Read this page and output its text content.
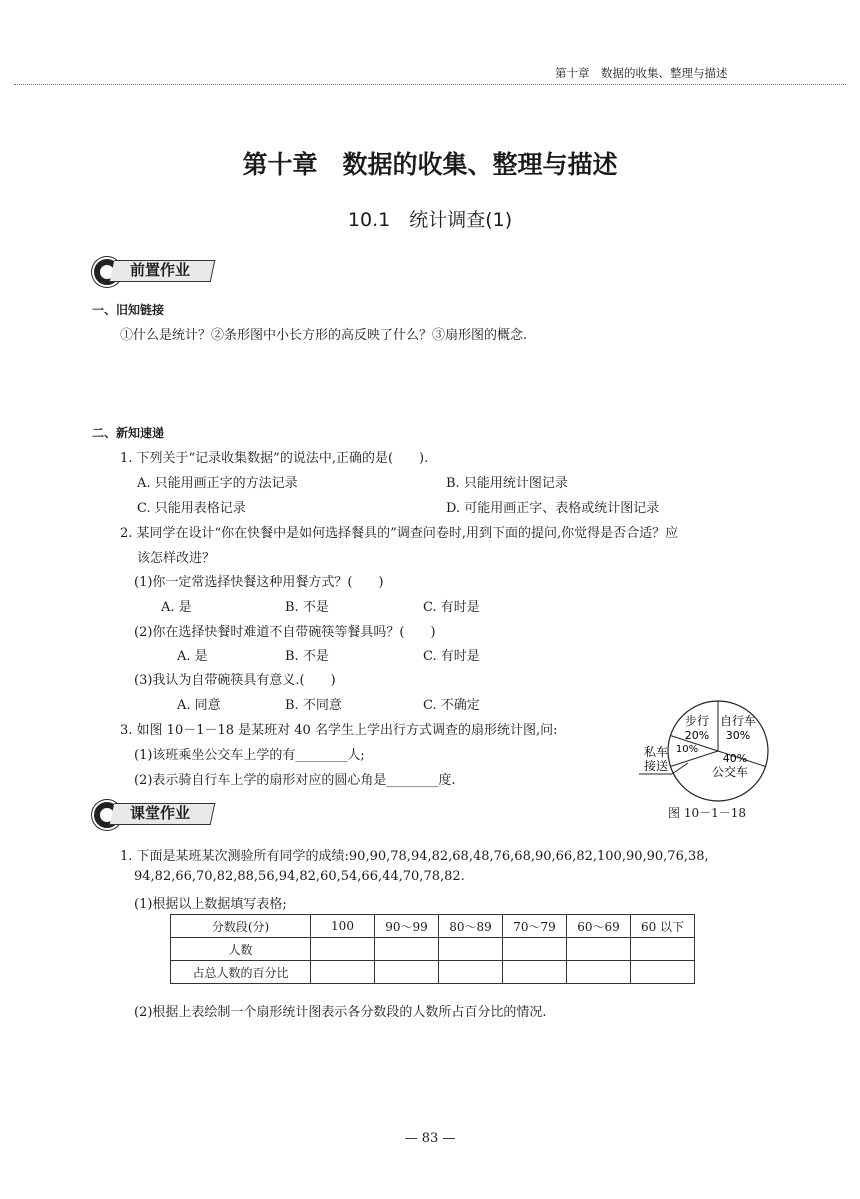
第十章　数据的收集、整理与描述
第十章　数据的收集、整理与描述
10.1　统计调查(1)
前置作业
一、旧知链接
①什么是统计？②条形图中小长方形的高反映了什么？③扇形图的概念.
二、新知速递
1. 下列关于“记录收集数据”的说法中,正确的是(　　).
A. 只能用画正字的方法记录	B. 只能用统计图记录
C. 只能用表格记录	D. 可能用画正字、表格或统计图记录
2. 某同学在设计“你在快餐中是如何选择餐具的”调查问卷时,用到下面的提问,你觉得是否合适？应
该怎样改进？
(1)你一定常选择快餐这种用餐方式？(　　)
A. 是	B. 不是	C. 有时是
(2)你在选择快餐时难道不自带碗筷等餐具吗？(　　)
A. 是	B. 不是	C. 有时是
(3)我认为自带碗筷具有意义.(　　)
A. 同意	B. 不同意	C. 不确定
3. 如图 10－1－18 是某班对 40 名学生上学出行方式调查的扇形统计图,问:
(1)该班乘坐公交车上学的有________人;
(2)表示骑自行车上学的扇形对应的圆心角是________度.
步行
20%
自行车
30%
40%
公交车
10%
私车
接送
图 10－1－18
课堂作业
1. 下面是某班某次测验所有同学的成绩:90,90,78,94,82,68,48,76,68,90,66,82,100,90,90,76,38,
94,82,66,70,82,88,56,94,82,60,54,66,44,70,78,82.
(1)根据以上数据填写表格;
分数段(分)	100	90～99	80～89	70～79	60～69	60 以下
人数						
占总人数的百分比						
(2)根据上表绘制一个扇形统计图表示各分数段的人数所占百分比的情况.
— 83 —
